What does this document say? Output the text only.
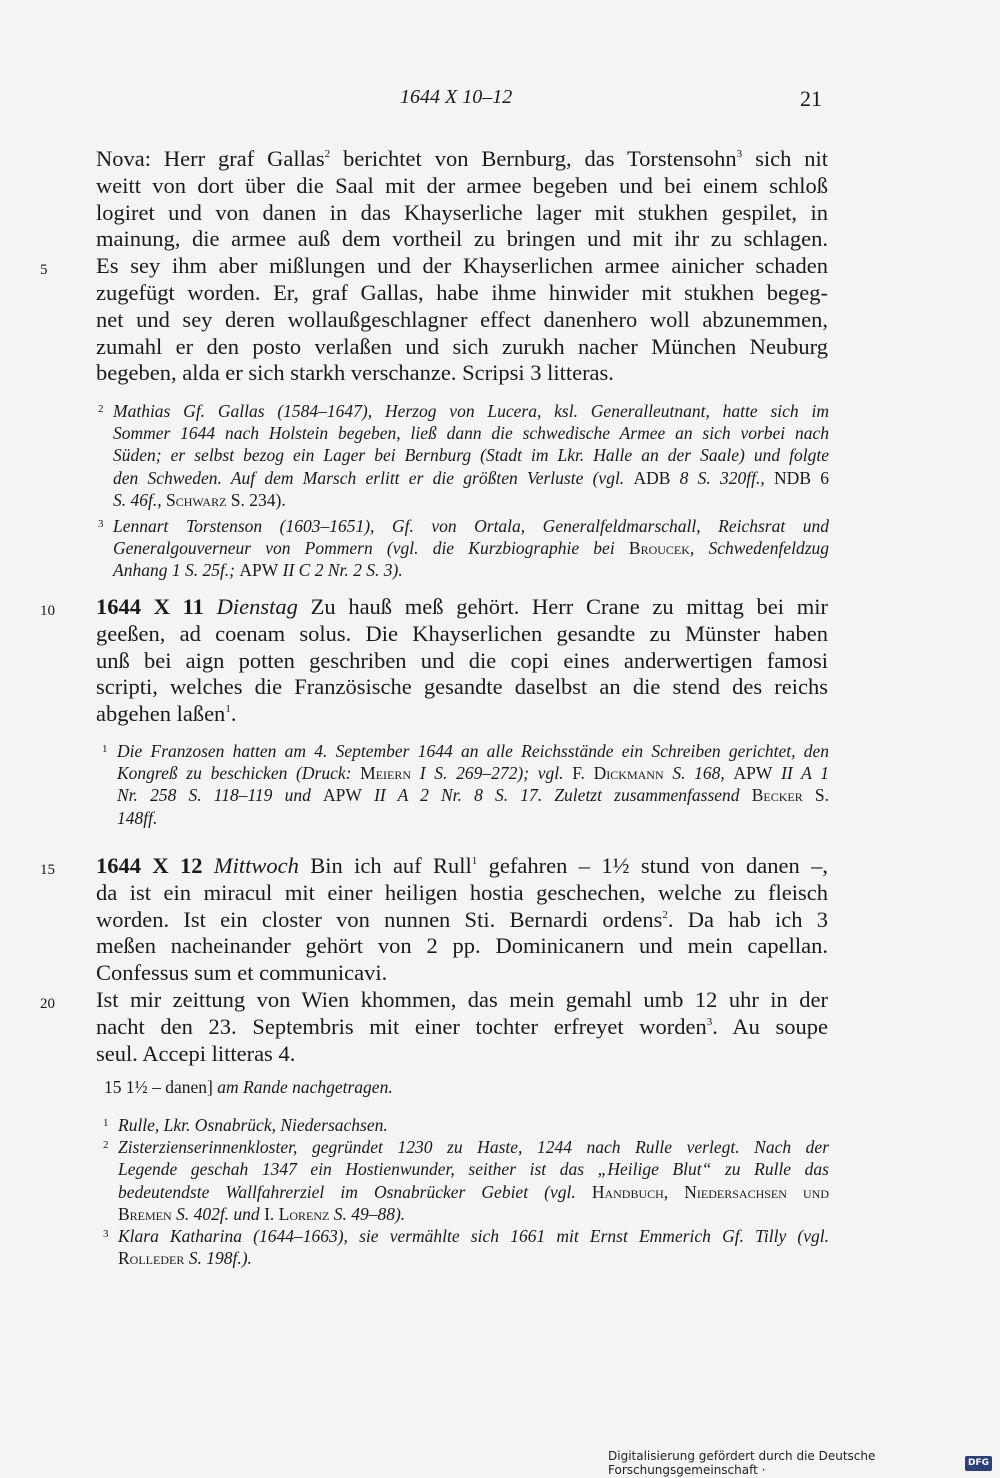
1644 X 10–12	21
Nova: Herr graf Gallas$^2$ berichtet von Bernburg, das Torstensohn$^3$ sich nit
weitt von dort über die Saal mit der armee begeben und bei einem schloß
logiret und von danen in das Khayserliche lager mit stukhen gespilet, in
mainung, die armee auß dem vortheil zu bringen und mit ihr zu schlagen.
5	Es sey ihm aber mißlungen und der Khayserlichen armee ainicher schaden
zugefügt worden. Er, graf Gallas, habe ihme hinwider mit stukhen begeg-
net und sey deren wollaußgeschlagner effect danenhero woll abzunemmen,
zumahl er den posto verlaßen und sich zurukh nacher München Neuburg
begeben, alda er sich starkh verschanze. Scripsi 3 litteras.
2 Mathias Gf. Gallas (1584–1647), Herzog von Lucera, ksl. Generalleutnant, hatte sich im
Sommer 1644 nach Holstein begeben, ließ dann die schwedische Armee an sich vorbei nach
Süden; er selbst bezog ein Lager bei Bernburg (Stadt im Lkr. Halle an der Saale) und folgte
den Schweden. Auf dem Marsch erlitt er die größten Verluste (vgl. ADB 8 S. 320ff., NDB 6
S. 46f., Schwarz S. 234).
3 Lennart Torstenson (1603–1651), Gf. von Ortala, Generalfeldmarschall, Reichsrat und
Generalgouverneur von Pommern (vgl. die Kurzbiographie bei Broucek, Schwedenfeldzug
Anhang 1 S. 25f.; APW II C 2 Nr. 2 S. 3).
10	1644 X 11 Dienstag Zu hauß meß gehört. Herr Crane zu mittag bei mir
geeßen, ad coenam solus. Die Khayserlichen gesandte zu Münster haben
unß bei aign potten geschriben und die copi eines anderwertigen famosi
scripti, welches die Französische gesandte daselbst an die stend des reichs
abgehen laßen$^1$.
1 Die Franzosen hatten am 4. September 1644 an alle Reichsstände ein Schreiben gerichtet, den
Kongreß zu beschicken (Druck: Meiern I S. 269–272); vgl. F. Dickmann S. 168, APW II A 1
Nr. 258 S. 118–119 und APW II A 2 Nr. 8 S. 17. Zuletzt zusammenfassend Becker S.
148ff.
15	1644 X 12 Mittwoch Bin ich auf Rull$^1$ gefahren – 1½ stund von danen –,
da ist ein miracul mit einer heiligen hostia geschechen, welche zu fleisch
worden. Ist ein closter von nunnen Sti. Bernardi ordens$^2$. Da hab ich 3
meßen nacheinander gehört von 2 pp. Dominicanern und mein capellan.
Confessus sum et communicavi.
20	Ist mir zeittung von Wien khommen, das mein gemahl umb 12 uhr in der
nacht den 23. Septembris mit einer tochter erfreyet worden$^3$. Au soupe
seul. Accepi litteras 4.
15 1½ – danen] am Rande nachgetragen.
1 Rulle, Lkr. Osnabrück, Niedersachsen.
2 Zisterzienserinnenkloster, gegründet 1230 zu Haste, 1244 nach Rulle verlegt. Nach der
Legende geschah 1347 ein Hostienwunder, seither ist das „Heilige Blut“ zu Rulle das
bedeutendste Wallfahrerziel im Osnabrücker Gebiet (vgl. Handbuch, Niedersachsen und
Bremen S. 402f. und I. Lorenz S. 49–88).
3 Klara Katharina (1644–1663), sie vermählte sich 1661 mit Ernst Emmerich Gf. Tilly (vgl.
Rolleder S. 198f.).
Digitalisierung gefördert durch die Deutsche Forschungsgemeinschaft ·	DFG
